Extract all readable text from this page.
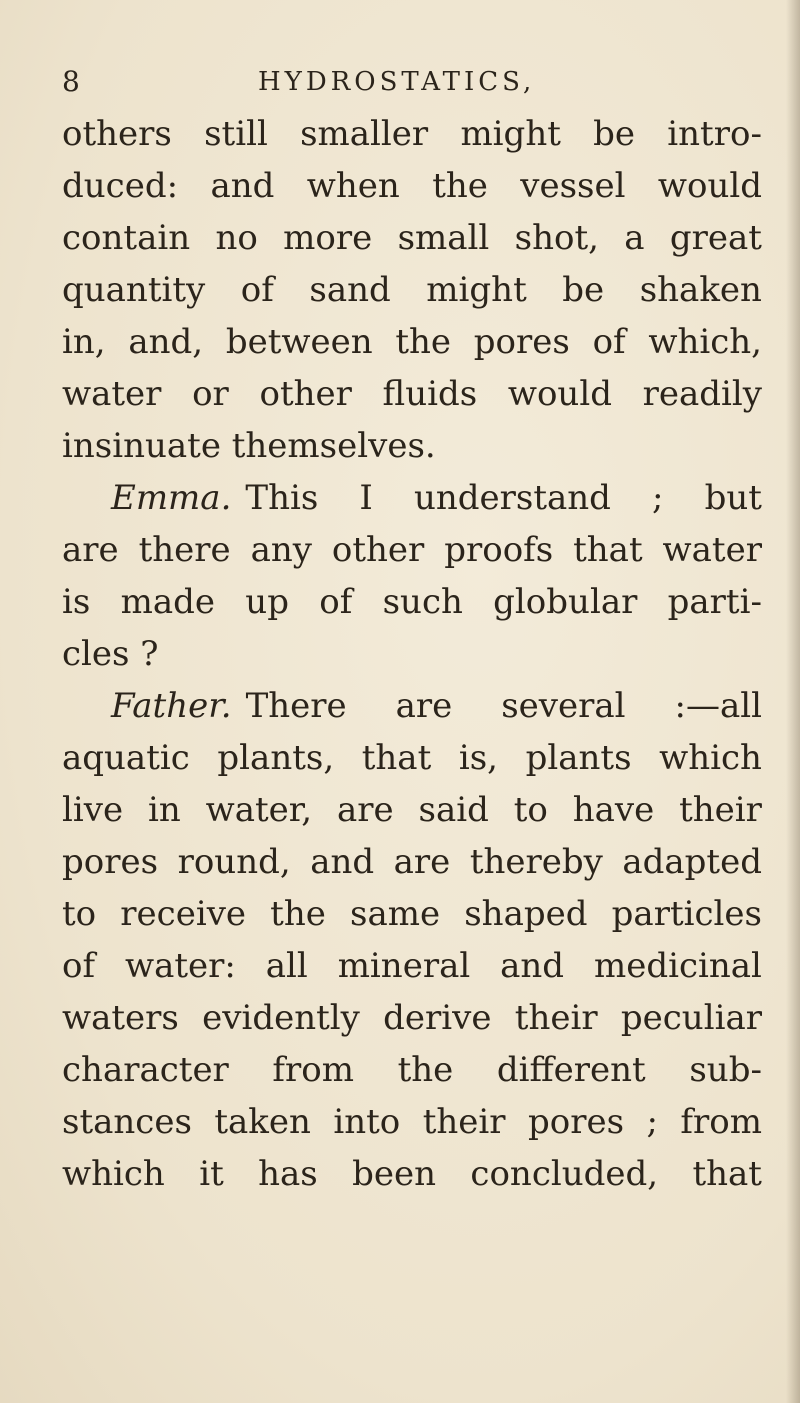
8	HYDROSTATICS,
others still smaller might be intro-
duced: and when the vessel would
contain no more small shot, a great
quantity of sand might be shaken
in, and, between the pores of which,
water or other fluids would readily
insinuate themselves.
Emma. This I understand ; but
are there any other proofs that water
is made up of such globular parti-
cles ?
Father. There are several :—all
aquatic plants, that is, plants which
live in water, are said to have their
pores round, and are thereby adapted
to receive the same shaped particles
of water: all mineral and medicinal
waters evidently derive their peculiar
character from the different sub-
stances taken into their pores ; from
which it has been concluded, that
